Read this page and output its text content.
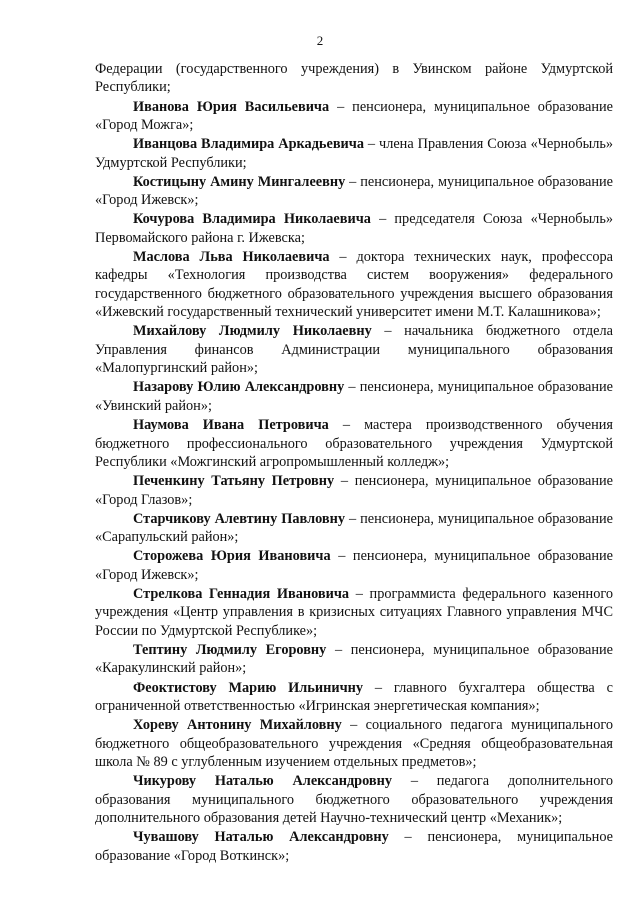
2

Федерации (государственного учреждения) в Увинском районе Удмуртской Республики;

Иванова Юрия Васильевича – пенсионера, муниципальное образование «Город Можга»;

Иванцова Владимира Аркадьевича – члена Правления Союза «Чернобыль» Удмуртской Республики;

Костицыну Амину Мингалеевну – пенсионера, муниципальное образование «Город Ижевск»;

Кочурова Владимира Николаевича – председателя Союза «Чернобыль» Первомайского района г. Ижевска;

Маслова Льва Николаевича – доктора технических наук, профессора кафедры «Технология производства систем вооружения» федерального государственного бюджетного образовательного учреждения высшего образования «Ижевский государственный технический университет имени М.Т. Калашникова»;

Михайлову Людмилу Николаевну – начальника бюджетного отдела Управления финансов Администрации муниципального образования «Малопургинский район»;

Назарову Юлию Александровну – пенсионера, муниципальное образование «Увинский район»;

Наумова Ивана Петровича – мастера производственного обучения бюджетного профессионального образовательного учреждения Удмуртской Республики «Можгинский агропромышленный колледж»;

Печенкину Татьяну Петровну – пенсионера, муниципальное образование «Город Глазов»;

Старчикову Алевтину Павловну – пенсионера, муниципальное образование «Сарапульский район»;

Сторожева Юрия Ивановича – пенсионера, муниципальное образование «Город Ижевск»;

Стрелкова Геннадия Ивановича – программиста федерального казенного учреждения «Центр управления в кризисных ситуациях Главного управления МЧС России по Удмуртской Республике»;

Тептину Людмилу Егоровну – пенсионера, муниципальное образование «Каракулинский район»;

Феоктистову Марию Ильиничну – главного бухгалтера общества с ограниченной ответственностью «Игринская энергетическая компания»;

Хореву Антонину Михайловну – социального педагога муниципального бюджетного общеобразовательного учреждения «Средняя общеобразовательная школа № 89 с углубленным изучением отдельных предметов»;

Чикурову Наталью Александровну – педагога дополнительного образования муниципального бюджетного образовательного учреждения дополнительного образования детей Научно-технический центр «Механик»;

Чувашову Наталью Александровну – пенсионера, муниципальное образование «Город Воткинск»;
